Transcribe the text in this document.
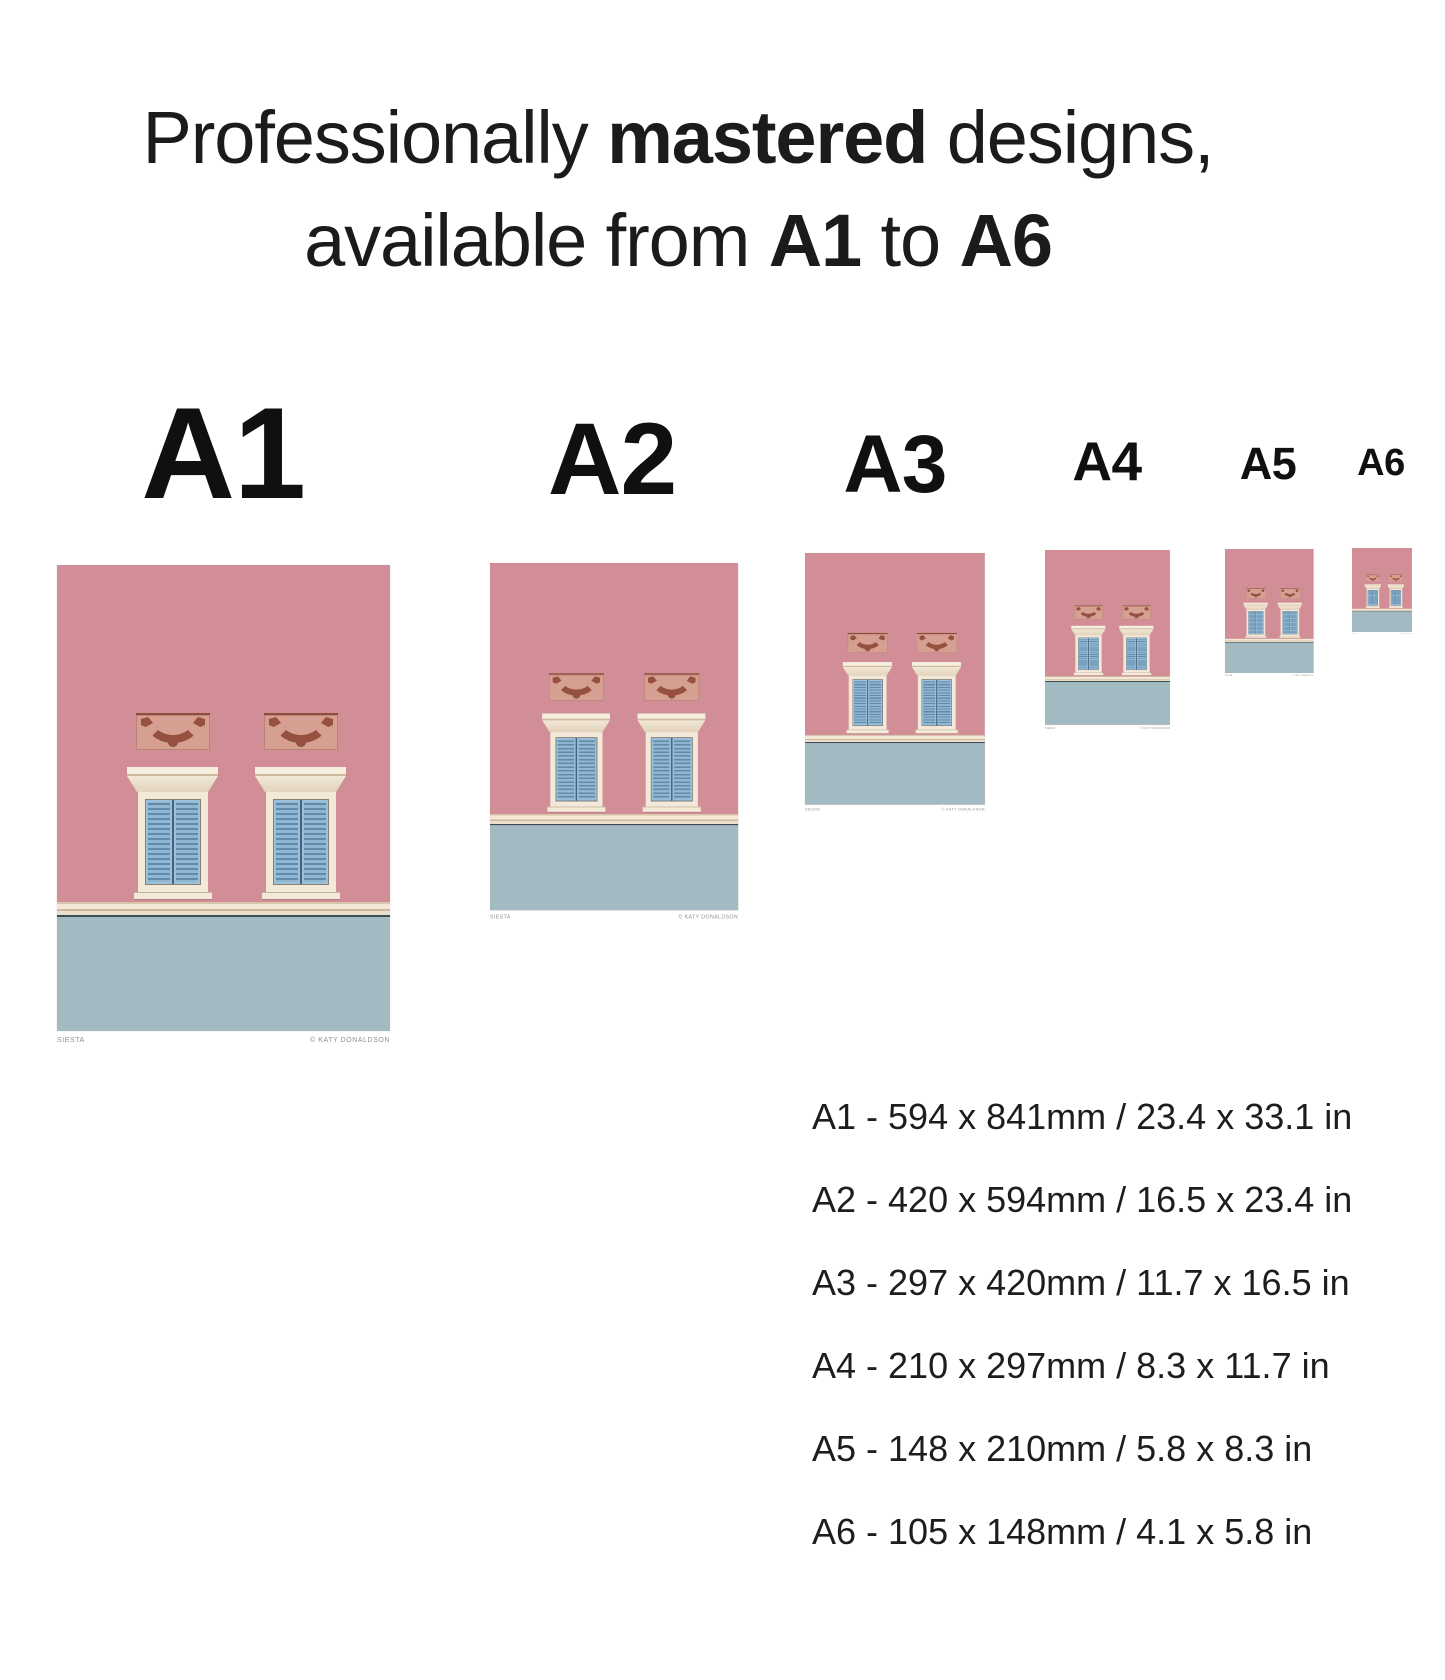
Professionally mastered designs,
available from A1 to A6
A1	A2	A3	A4	A5	A6
SIESTA	© KATY DONALDSON
SIESTA	© KATY DONALDSON
SIESTA	© KATY DONALDSON
SIESTA	© KATY DONALDSON
SIESTA	© KATY DONALDSON
SIESTA	© KATY DONALDSON
A1 - 594 x 841mm / 23.4 x 33.1 in
A2 - 420 x 594mm / 16.5 x 23.4 in
A3 - 297 x 420mm / 11.7 x 16.5 in
A4 - 210 x 297mm / 8.3 x 11.7 in
A5 - 148 x 210mm / 5.8 x 8.3 in
A6 - 105 x 148mm / 4.1 x 5.8 in
